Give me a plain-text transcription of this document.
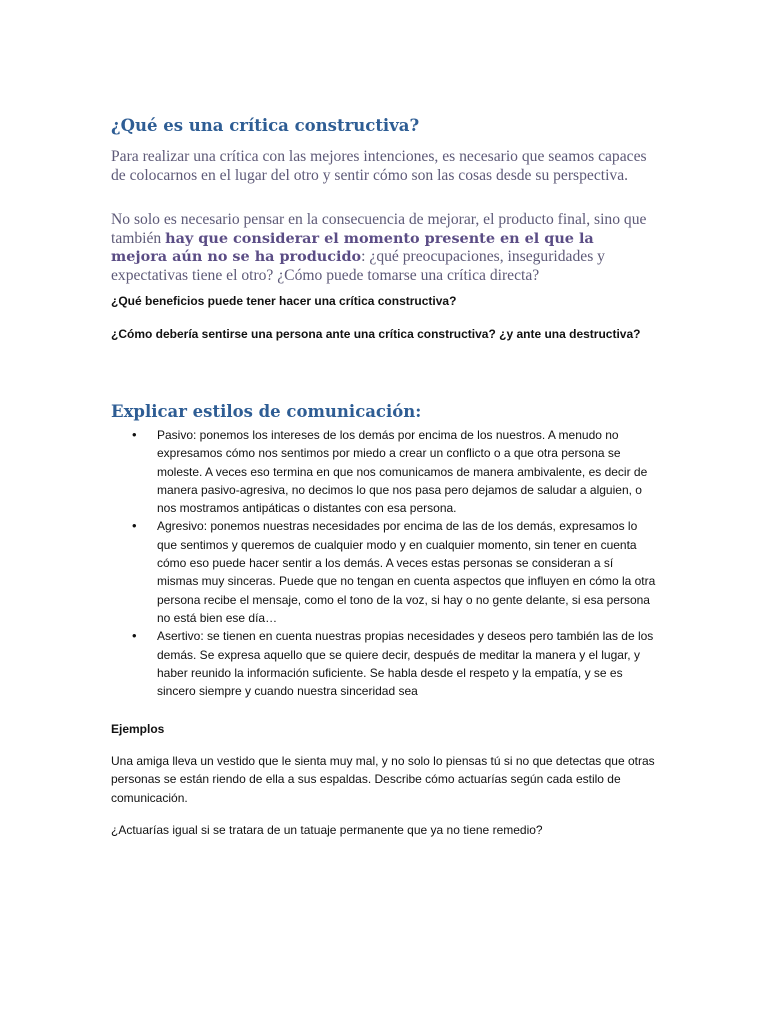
¿Qué es una crítica constructiva?

Para realizar una crítica con las mejores intenciones, es necesario que seamos capaces de colocarnos en el lugar del otro y sentir cómo son las cosas desde su perspectiva.

No solo es necesario pensar en la consecuencia de mejorar, el producto final, sino que también hay que considerar el momento presente en el que la mejora aún no se ha producido: ¿qué preocupaciones, inseguridades y expectativas tiene el otro? ¿Cómo puede tomarse una crítica directa?

¿Qué beneficios puede tener hacer una crítica constructiva?

¿Cómo debería sentirse una persona ante una crítica constructiva? ¿y ante una destructiva?

Explicar estilos de comunicación:
• Pasivo: ponemos los intereses de los demás por encima de los nuestros. A menudo no expresamos cómo nos sentimos por miedo a crear un conflicto o a que otra persona se moleste. A veces eso termina en que nos comunicamos de manera ambivalente, es decir de manera pasivo-agresiva, no decimos lo que nos pasa pero dejamos de saludar a alguien, o nos mostramos antipáticas o distantes con esa persona.
• Agresivo: ponemos nuestras necesidades por encima de las de los demás, expresamos lo que sentimos y queremos de cualquier modo y en cualquier momento, sin tener en cuenta cómo eso puede hacer sentir a los demás. A veces estas personas se consideran a sí mismas muy sinceras. Puede que no tengan en cuenta aspectos que influyen en cómo la otra persona recibe el mensaje, como el tono de la voz, si hay o no gente delante, si esa persona no está bien ese día…
• Asertivo: se tienen en cuenta nuestras propias necesidades y deseos pero también las de los demás. Se expresa aquello que se quiere decir, después de meditar la manera y el lugar, y haber reunido la información suficiente. Se habla desde el respeto y la empatía, y se es sincero siempre y cuando nuestra sinceridad sea

Ejemplos

Una amiga lleva un vestido que le sienta muy mal, y no solo lo piensas tú si no que detectas que otras personas se están riendo de ella a sus espaldas. Describe cómo actuarías según cada estilo de comunicación.

¿Actuarías igual si se tratara de un tatuaje permanente que ya no tiene remedio?
